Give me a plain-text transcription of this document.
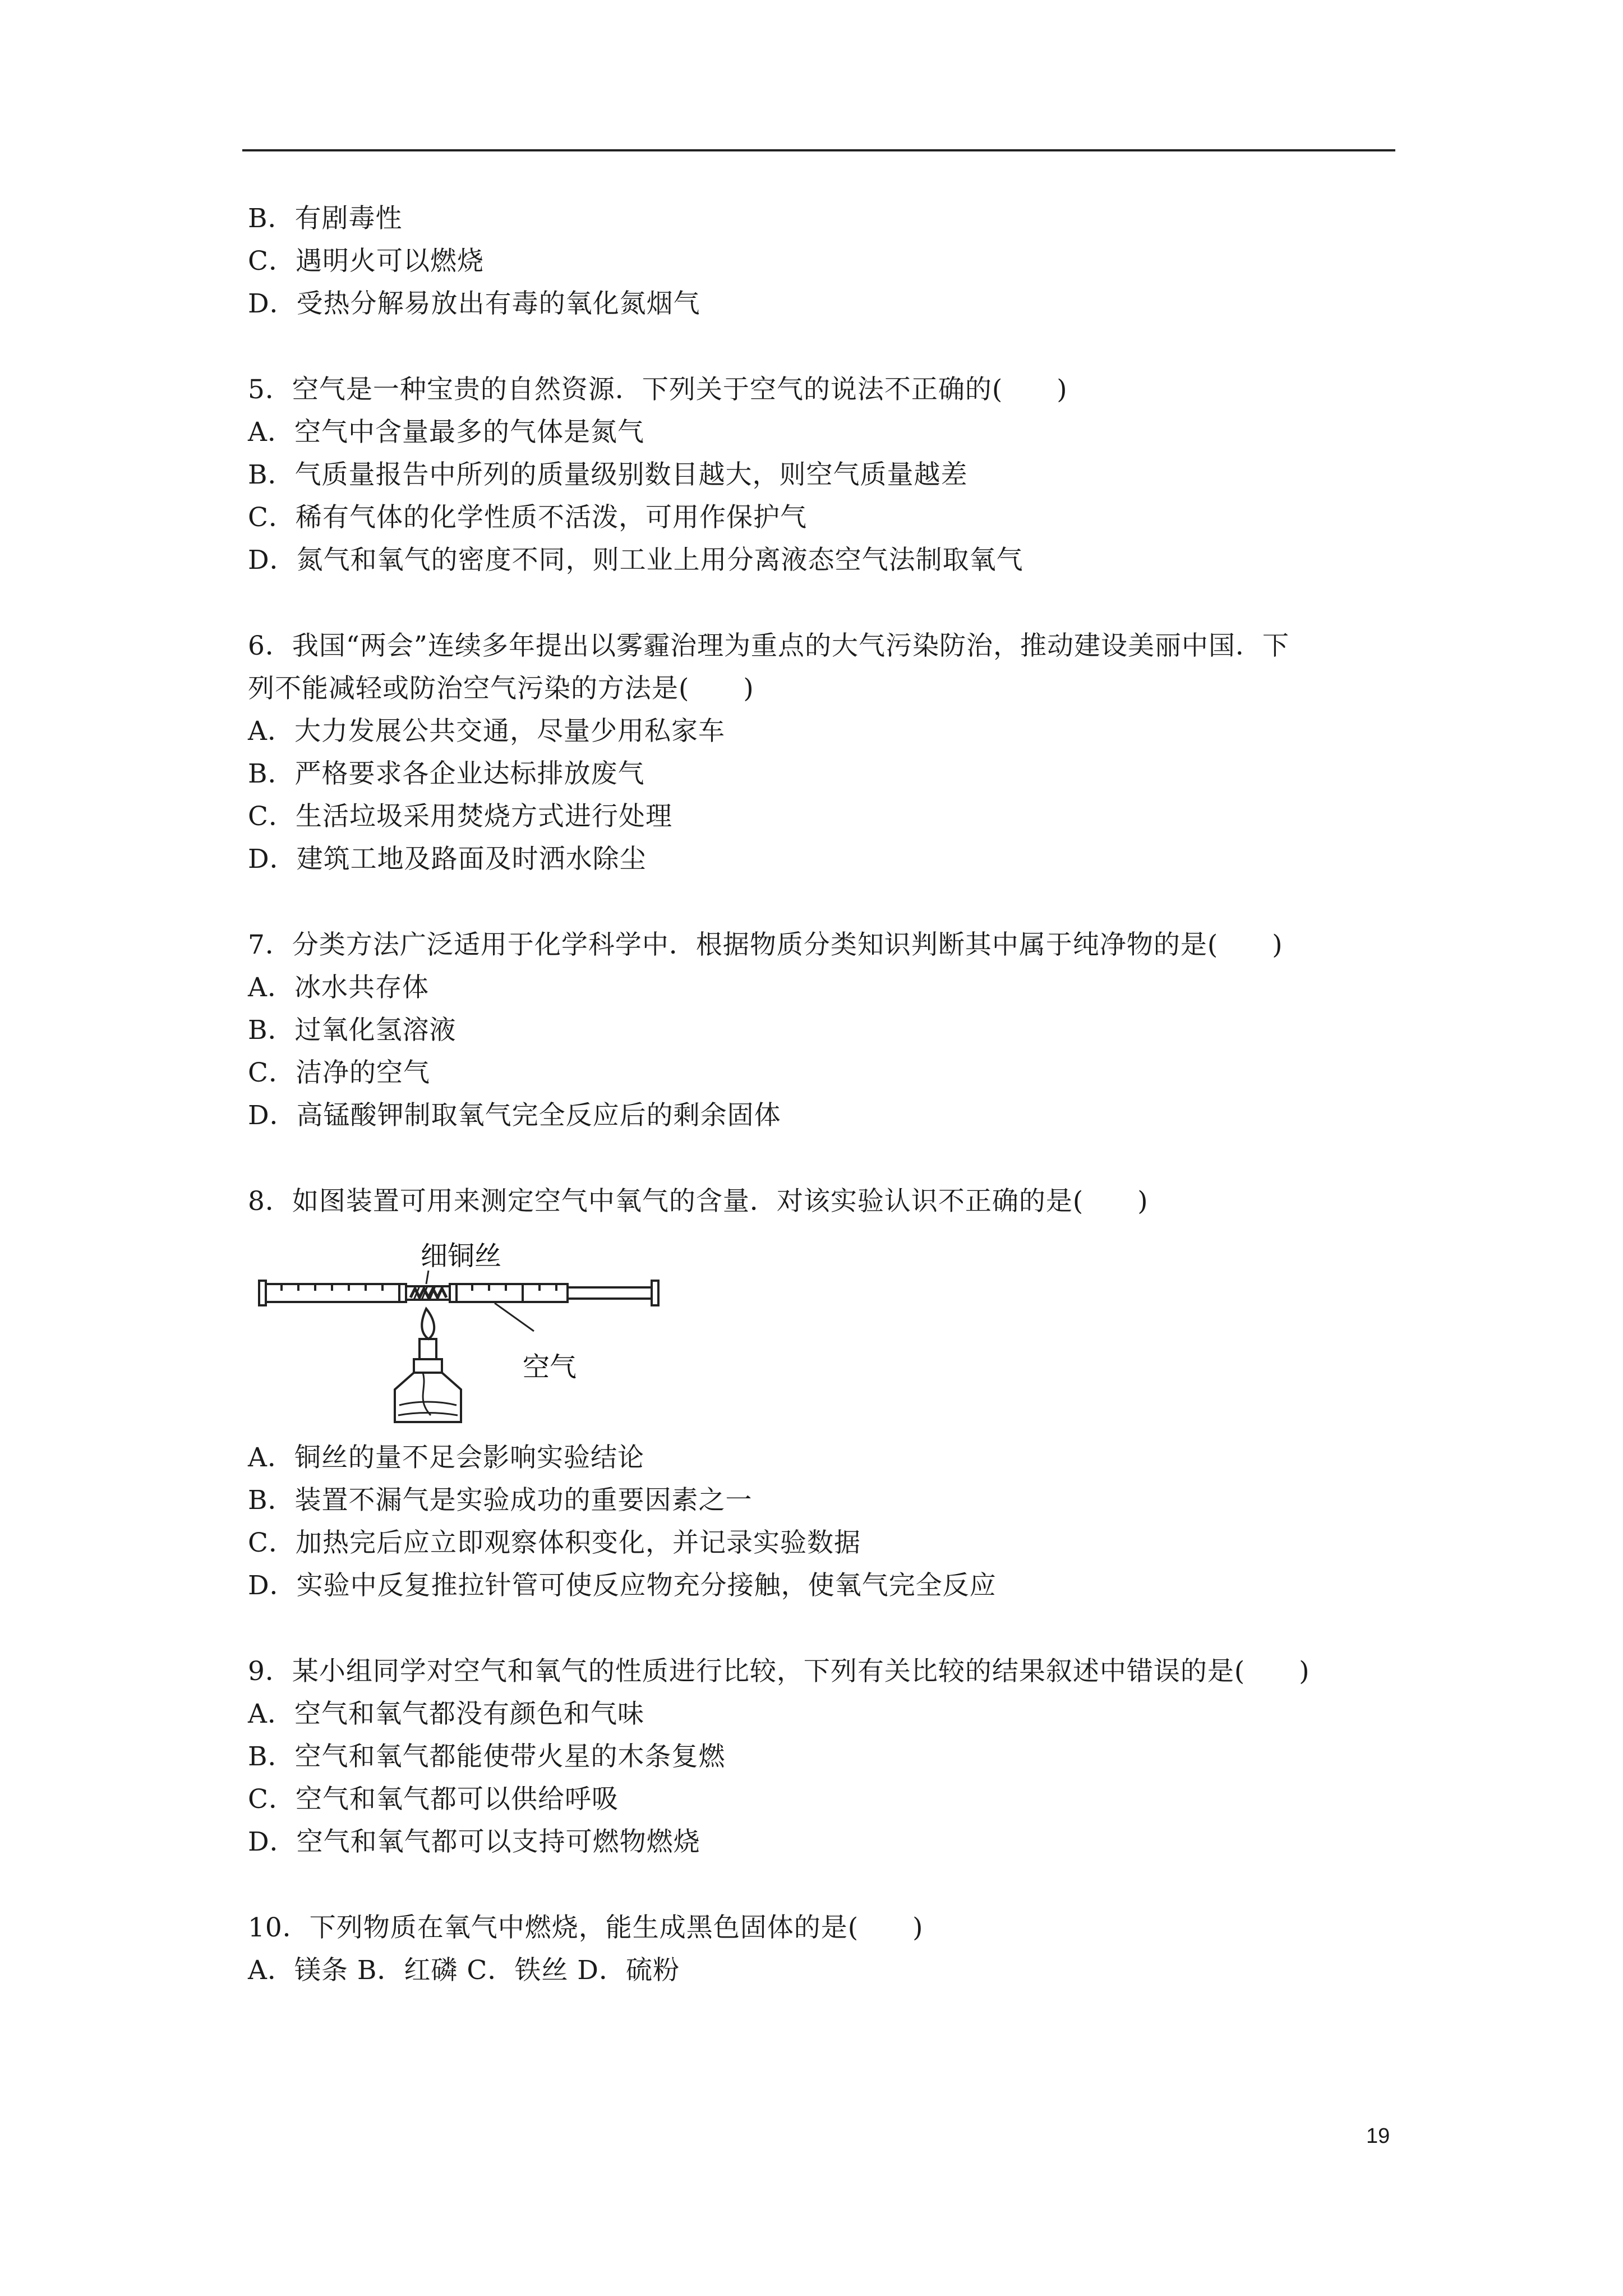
B．有剧毒性
C．遇明火可以燃烧
D．受热分解易放出有毒的氧化氮烟气
5．空气是一种宝贵的自然资源．下列关于空气的说法不正确的(　　)
A．空气中含量最多的气体是氮气
B．气质量报告中所列的质量级别数目越大，则空气质量越差
C．稀有气体的化学性质不活泼，可用作保护气
D．氮气和氧气的密度不同，则工业上用分离液态空气法制取氧气
6．我国“两会”连续多年提出以雾霾治理为重点的大气污染防治，推动建设美丽中国．下
列不能减轻或防治空气污染的方法是(　　)
A．大力发展公共交通，尽量少用私家车
B．严格要求各企业达标排放废气
C．生活垃圾采用焚烧方式进行处理
D．建筑工地及路面及时洒水除尘
7．分类方法广泛适用于化学科学中．根据物质分类知识判断其中属于纯净物的是(　　)
A．冰水共存体
B．过氧化氢溶液
C．洁净的空气
D．高锰酸钾制取氧气完全反应后的剩余固体
8．如图装置可用来测定空气中氧气的含量．对该实验认识不正确的是(　　)
细铜丝
空气
A．铜丝的量不足会影响实验结论
B．装置不漏气是实验成功的重要因素之一
C．加热完后应立即观察体积变化，并记录实验数据
D．实验中反复推拉针管可使反应物充分接触，使氧气完全反应
9．某小组同学对空气和氧气的性质进行比较，下列有关比较的结果叙述中错误的是(　　)
A．空气和氧气都没有颜色和气味
B．空气和氧气都能使带火星的木条复燃
C．空气和氧气都可以供给呼吸
D．空气和氧气都可以支持可燃物燃烧
10．下列物质在氧气中燃烧，能生成黑色固体的是(　　)
A．镁条 B．红磷 C．铁丝 D．硫粉
19
